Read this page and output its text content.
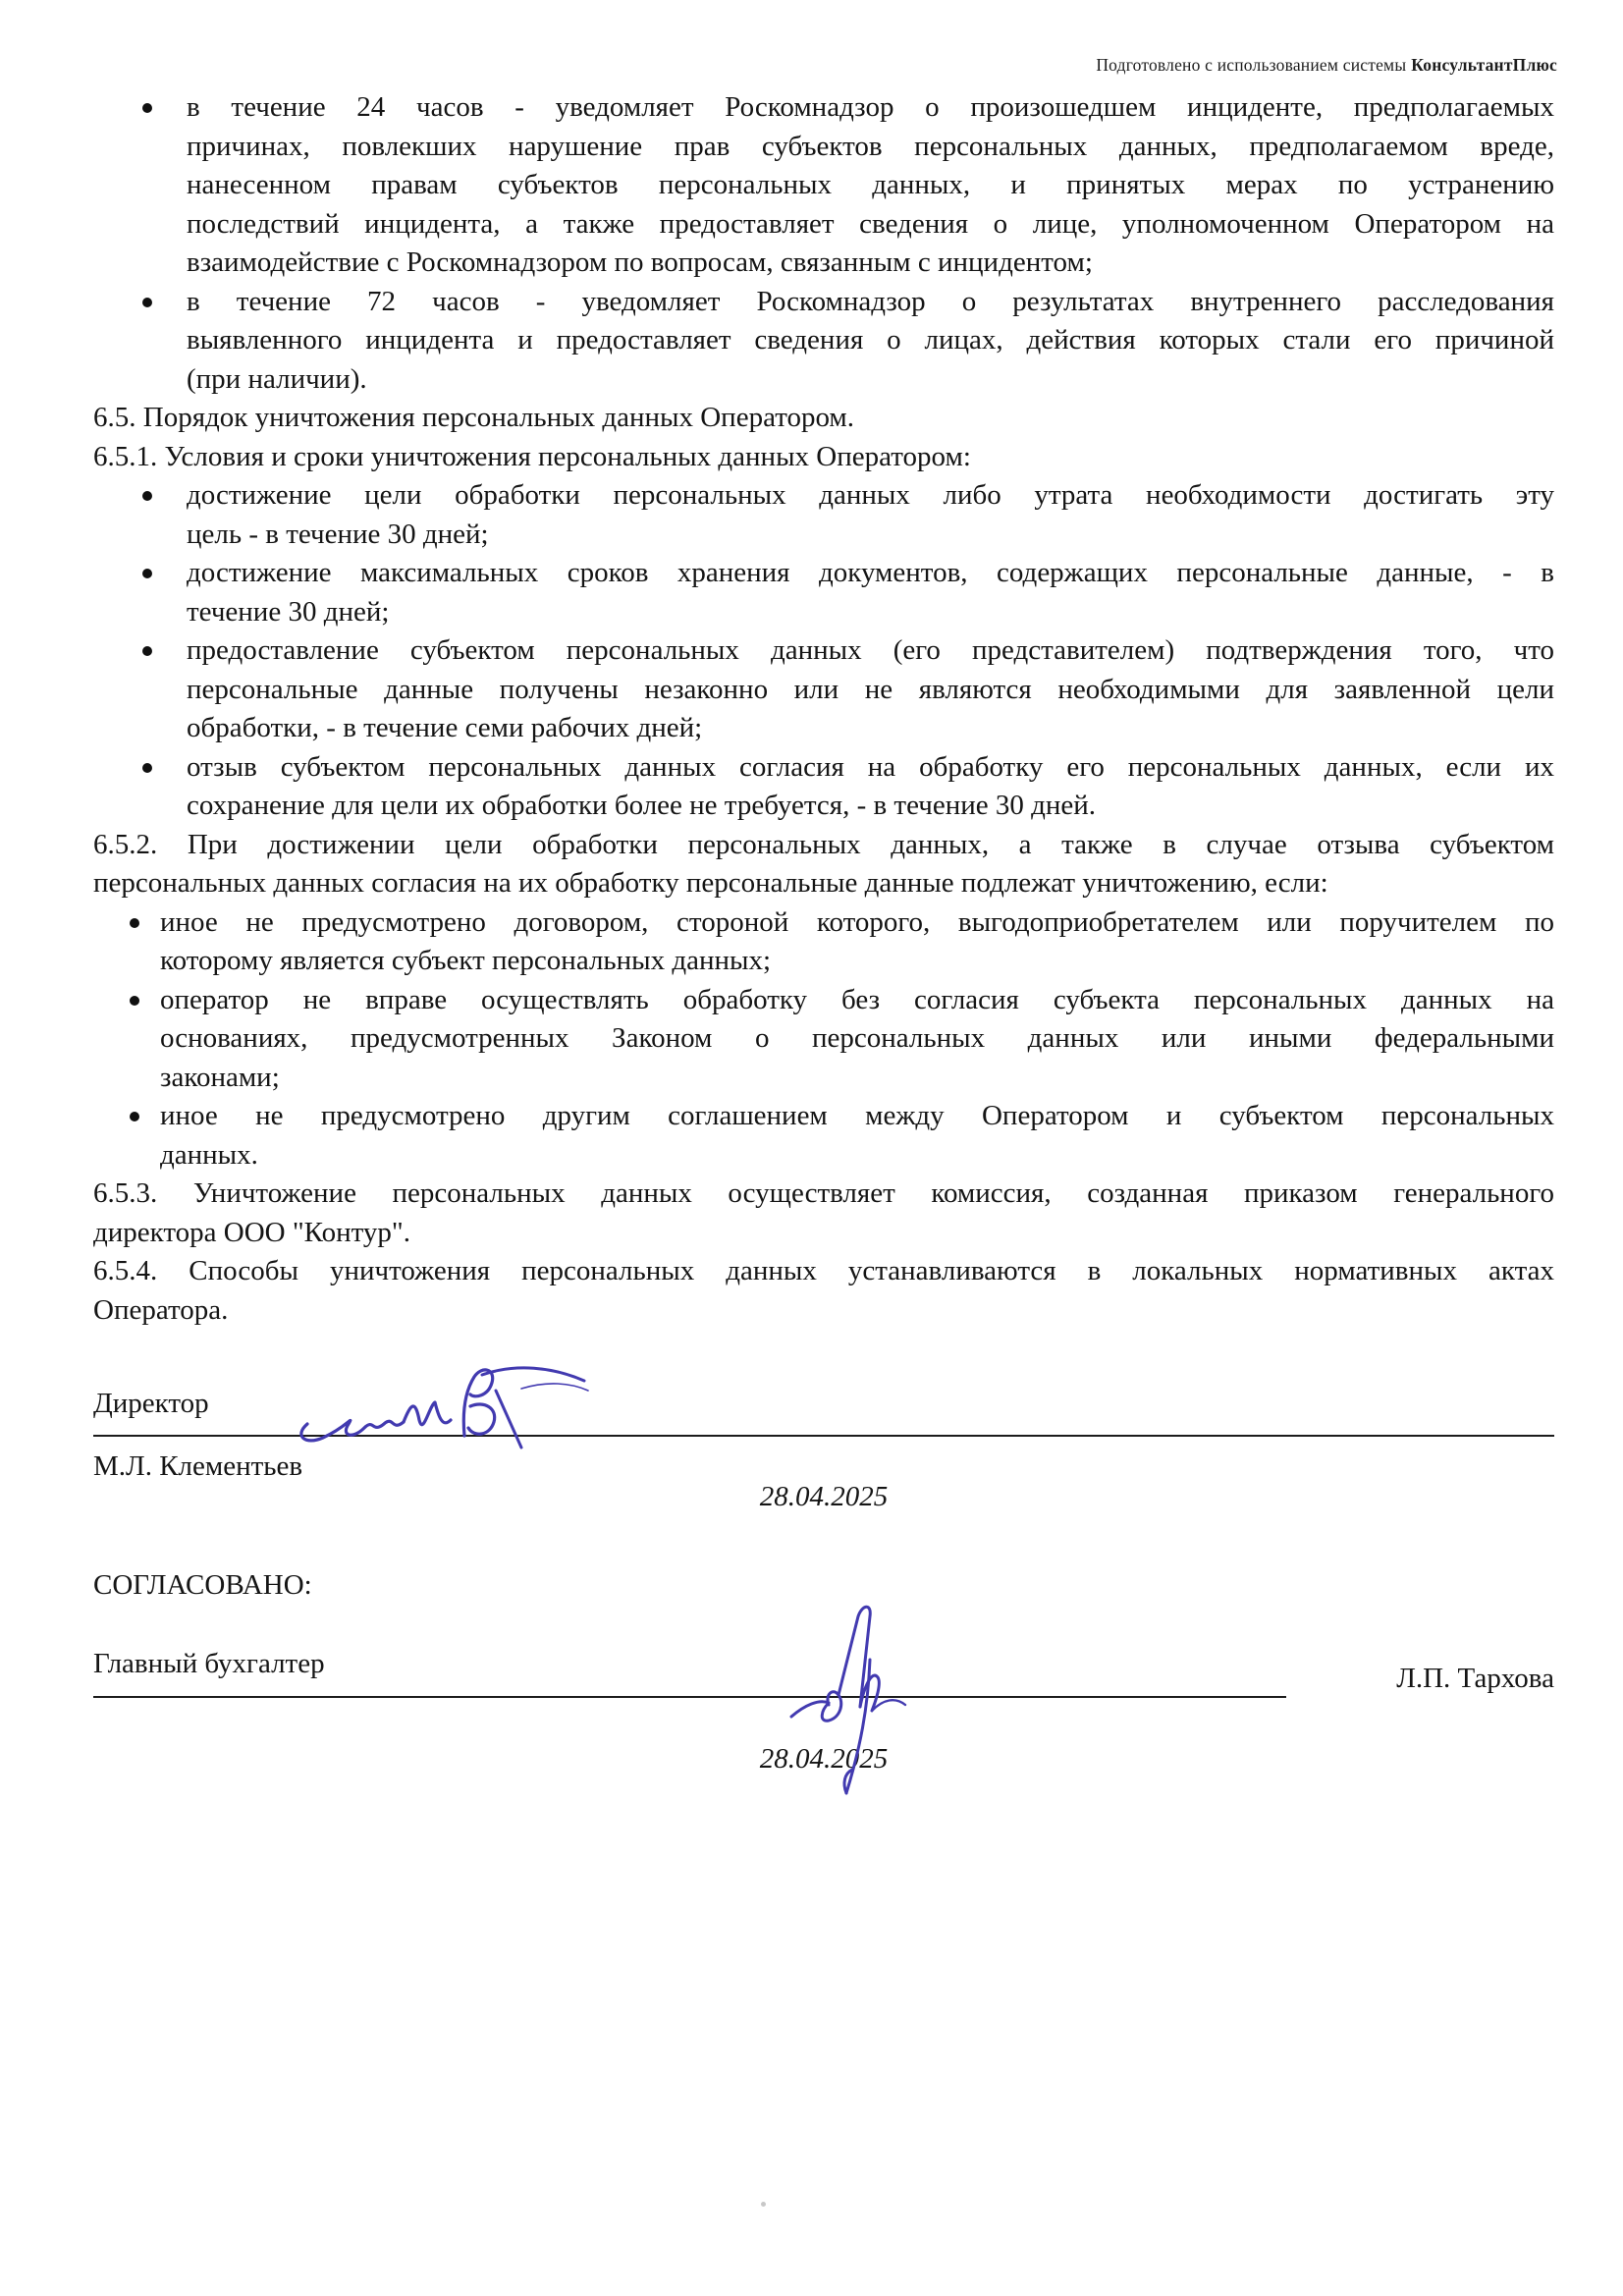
Подготовлено с использованием системы КонсультантПлюс
в течение 24 часов - уведомляет Роскомнадзор о произошедшем инциденте, предполагаемых
причинах, повлекших нарушение прав субъектов персональных данных, предполагаемом вреде,
нанесенном правам субъектов персональных данных, и принятых мерах по устранению
последствий инцидента, а также предоставляет сведения о лице, уполномоченном Оператором на
взаимодействие с Роскомнадзором по вопросам, связанным с инцидентом;
в течение 72 часов - уведомляет Роскомнадзор о результатах внутреннего расследования
выявленного инцидента и предоставляет сведения о лицах, действия которых стали его причиной
(при наличии).
6.5. Порядок уничтожения персональных данных Оператором.
6.5.1. Условия и сроки уничтожения персональных данных Оператором:
достижение цели обработки персональных данных либо утрата необходимости достигать эту
цель - в течение 30 дней;
достижение максимальных сроков хранения документов, содержащих персональные данные, - в
течение 30 дней;
предоставление субъектом персональных данных (его представителем) подтверждения того, что
персональные данные получены незаконно или не являются необходимыми для заявленной цели
обработки, - в течение семи рабочих дней;
отзыв субъектом персональных данных согласия на обработку его персональных данных, если их
сохранение для цели их обработки более не требуется, - в течение 30 дней.
6.5.2. При достижении цели обработки персональных данных, а также в случае отзыва субъектом
персональных данных согласия на их обработку персональные данные подлежат уничтожению, если:
иное не предусмотрено договором, стороной которого, выгодоприобретателем или поручителем по
которому является субъект персональных данных;
оператор не вправе осуществлять обработку без согласия субъекта персональных данных на
основаниях, предусмотренных Законом о персональных данных или иными федеральными
законами;
иное не предусмотрено другим соглашением между Оператором и субъектом персональных
данных.
6.5.3. Уничтожение персональных данных осуществляет комиссия, созданная приказом генерального
директора ООО "Контур".
6.5.4. Способы уничтожения персональных данных устанавливаются в локальных нормативных актах
Оператора.
Директор
М.Л. Клементьев
28.04.2025
СОГЛАСОВАНО:
Главный бухгалтер	Л.П. Тархова
28.04.2025
